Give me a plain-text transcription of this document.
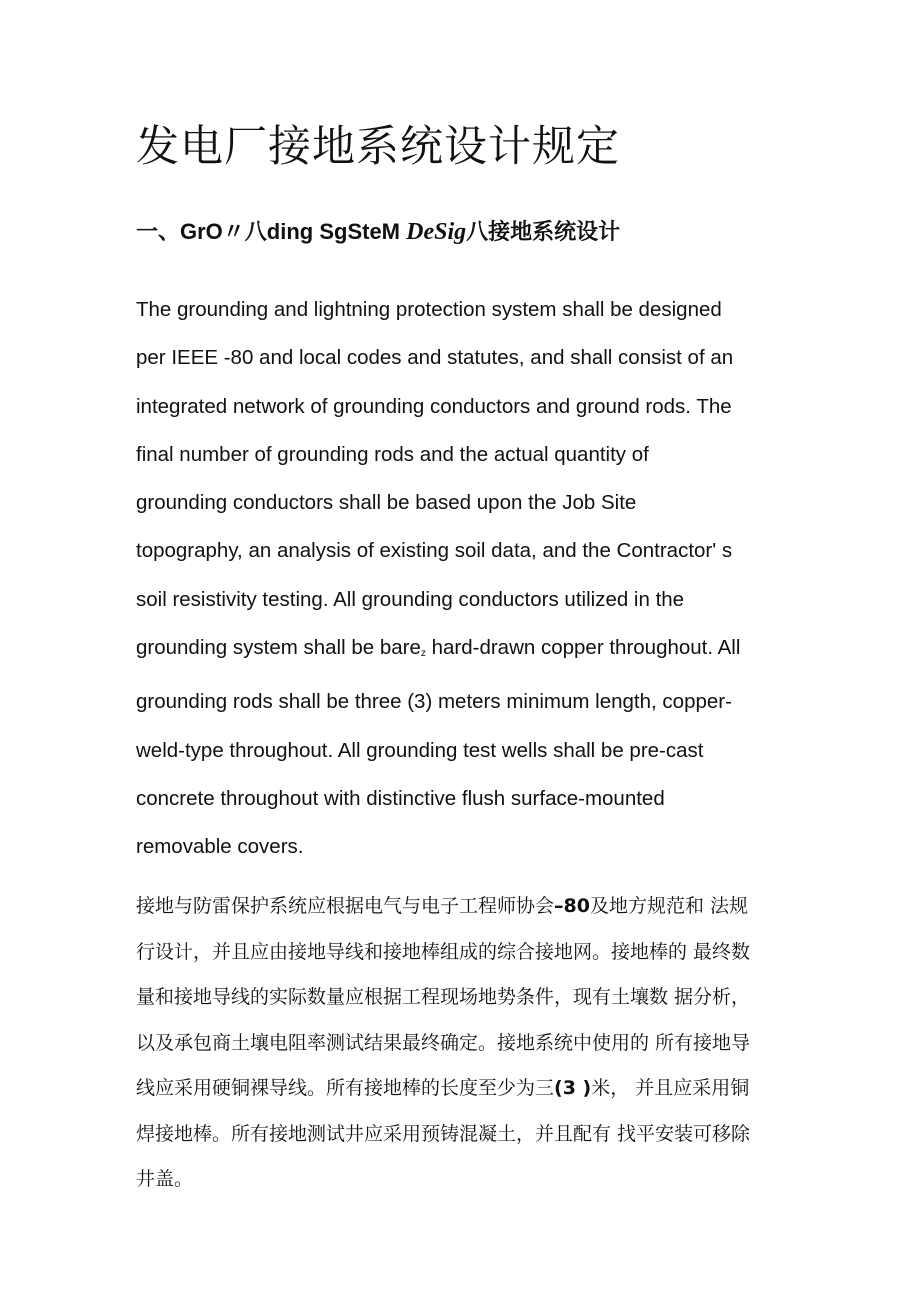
发电厂接地系统设计规定
一、GrO〃八ding SgSteM DeSig八接地系统设计

The grounding and lightning protection system shall be designed
per IEEE -80 and local codes and statutes, and shall consist of an
integrated network of grounding conductors and ground rods. The
final number of grounding rods and the actual quantity of
grounding conductors shall be based upon the Job Site
topography, an analysis of existing soil data, and the Contractor' s
soil resistivity testing. All grounding conductors utilized in the
grounding system shall be bare$_z$ hard-drawn copper throughout. All
grounding rods shall be three (3) meters minimum length, copper-
weld-type throughout. All grounding test wells shall be pre-cast
concrete throughout with distinctive flush surface-mounted
removable covers.

接地与防雷保护系统应根据电气与电子工程师协会–80及地方规范和 法规
行设计，并且应由接地导线和接地棒组成的综合接地网。接地棒的 最终数
量和接地导线的实际数量应根据工程现场地势条件，现有土壤数 据分析，
以及承包商土壤电阻率测试结果最终确定。接地系统中使用的 所有接地导
线应采用硬铜裸导线。所有接地棒的长度至少为三(3 )米， 并且应采用铜
焊接地棒。所有接地测试井应采用预铸混凝土，并且配有 找平安装可移除
井盖。
